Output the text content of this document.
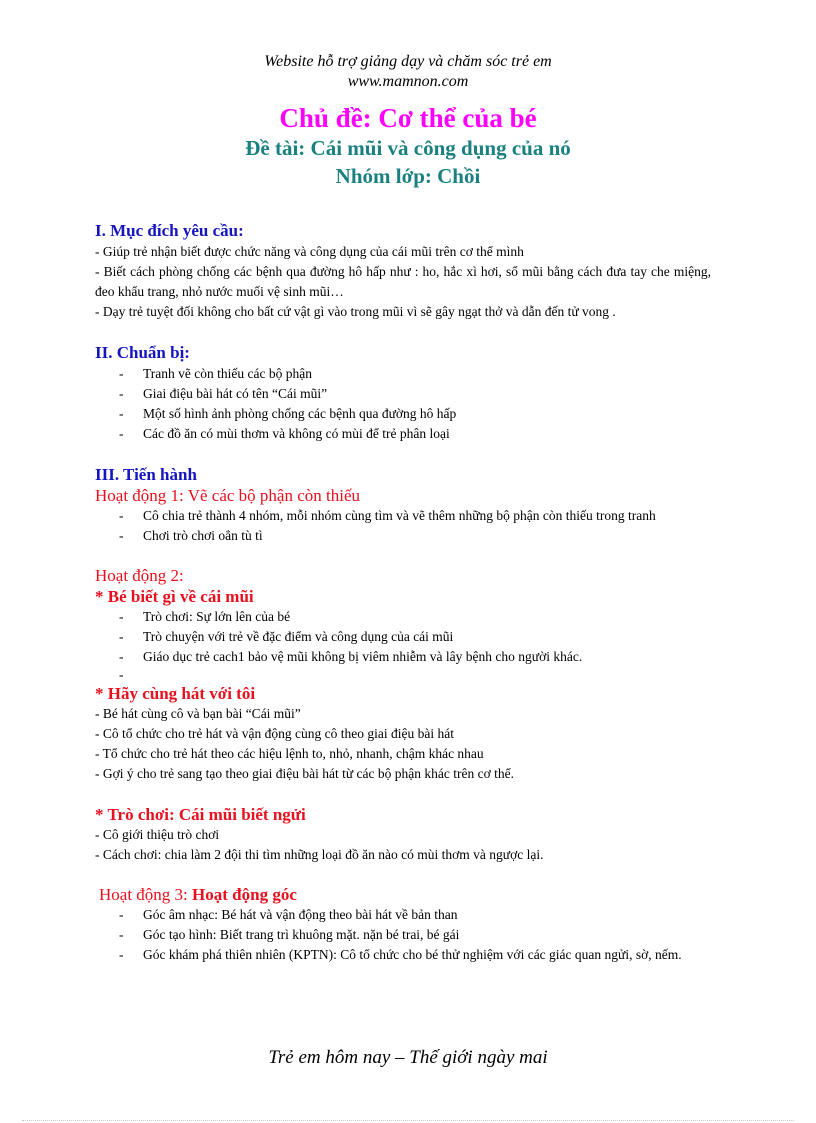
Website hỗ trợ giảng dạy và chăm sóc trẻ em
www.mamnon.com
Chủ đề: Cơ thể của bé
Đề tài: Cái mũi và công dụng của nó
Nhóm lớp: Chồi

I. Mục đích yêu cầu:

- Giúp trẻ nhận biết được chức năng và công dụng của cái mũi trên cơ thể mình

- Biết cách phòng chống các bệnh qua đường hô hấp như : ho, hắc xì hơi, sổ mũi bằng cách đưa tay che miệng, đeo khẩu trang, nhỏ nước muối vệ sinh mũi…

- Dạy trẻ tuyệt đối không cho bất cứ vật gì vào trong mũi vì sẽ gây ngạt thở và dẫn đến tử vong .

II. Chuẩn bị:

- Tranh vẽ còn thiếu các bộ phận
- Giai điệu bài hát có tên “Cái mũi”
- Một số hình ảnh phòng chống các bệnh qua đường hô hấp
- Các đồ ăn có mùi thơm và không có mùi để trẻ phân loại

III. Tiến hành

Hoạt động 1: Vẽ các bộ phận còn thiếu

- Cô chia trẻ thành 4 nhóm, mỗi nhóm cùng tìm và vẽ thêm những bộ phận còn thiếu trong tranh
- Chơi trò chơi oẳn tù tì

Hoạt động 2:

* Bé biết gì về cái mũi

- Trò chơi: Sự lớn lên của bé
- Trò chuyện với trẻ về đặc điểm và công dụng của cái mũi
- Giáo dục trẻ cach1 bảo vệ mũi không bị viêm nhiễm và lây bệnh cho người khác.
-

* Hãy cùng hát với tôi

- Bé hát cùng cô và bạn bài “Cái mũi”

- Cô tổ chức cho trẻ hát và vận động cùng cô theo giai điệu bài hát

- Tổ chức cho trẻ hát theo các hiệu lệnh to, nhỏ, nhanh, chậm khác nhau

- Gợi ý cho trẻ sang tạo theo giai điệu bài hát từ các bộ phận khác trên cơ thể.

* Trò chơi: Cái mũi biết ngửi

- Cô giới thiệu trò chơi

- Cách chơi: chia làm 2 đội thi tìm những loại đồ ăn nào có mùi thơm và ngược lại.

Hoạt động 3: Hoạt động góc

- Góc âm nhạc: Bé hát và vận động theo bài hát về bản than
- Góc tạo hình: Biết trang trì khuông mặt. nặn bé trai, bé gái
- Góc khám phá thiên nhiên (KPTN): Cô tổ chức cho bé thử nghiệm với các giác quan ngửi, sờ, nếm.
Trẻ em hôm nay – Thế giới ngày mai
